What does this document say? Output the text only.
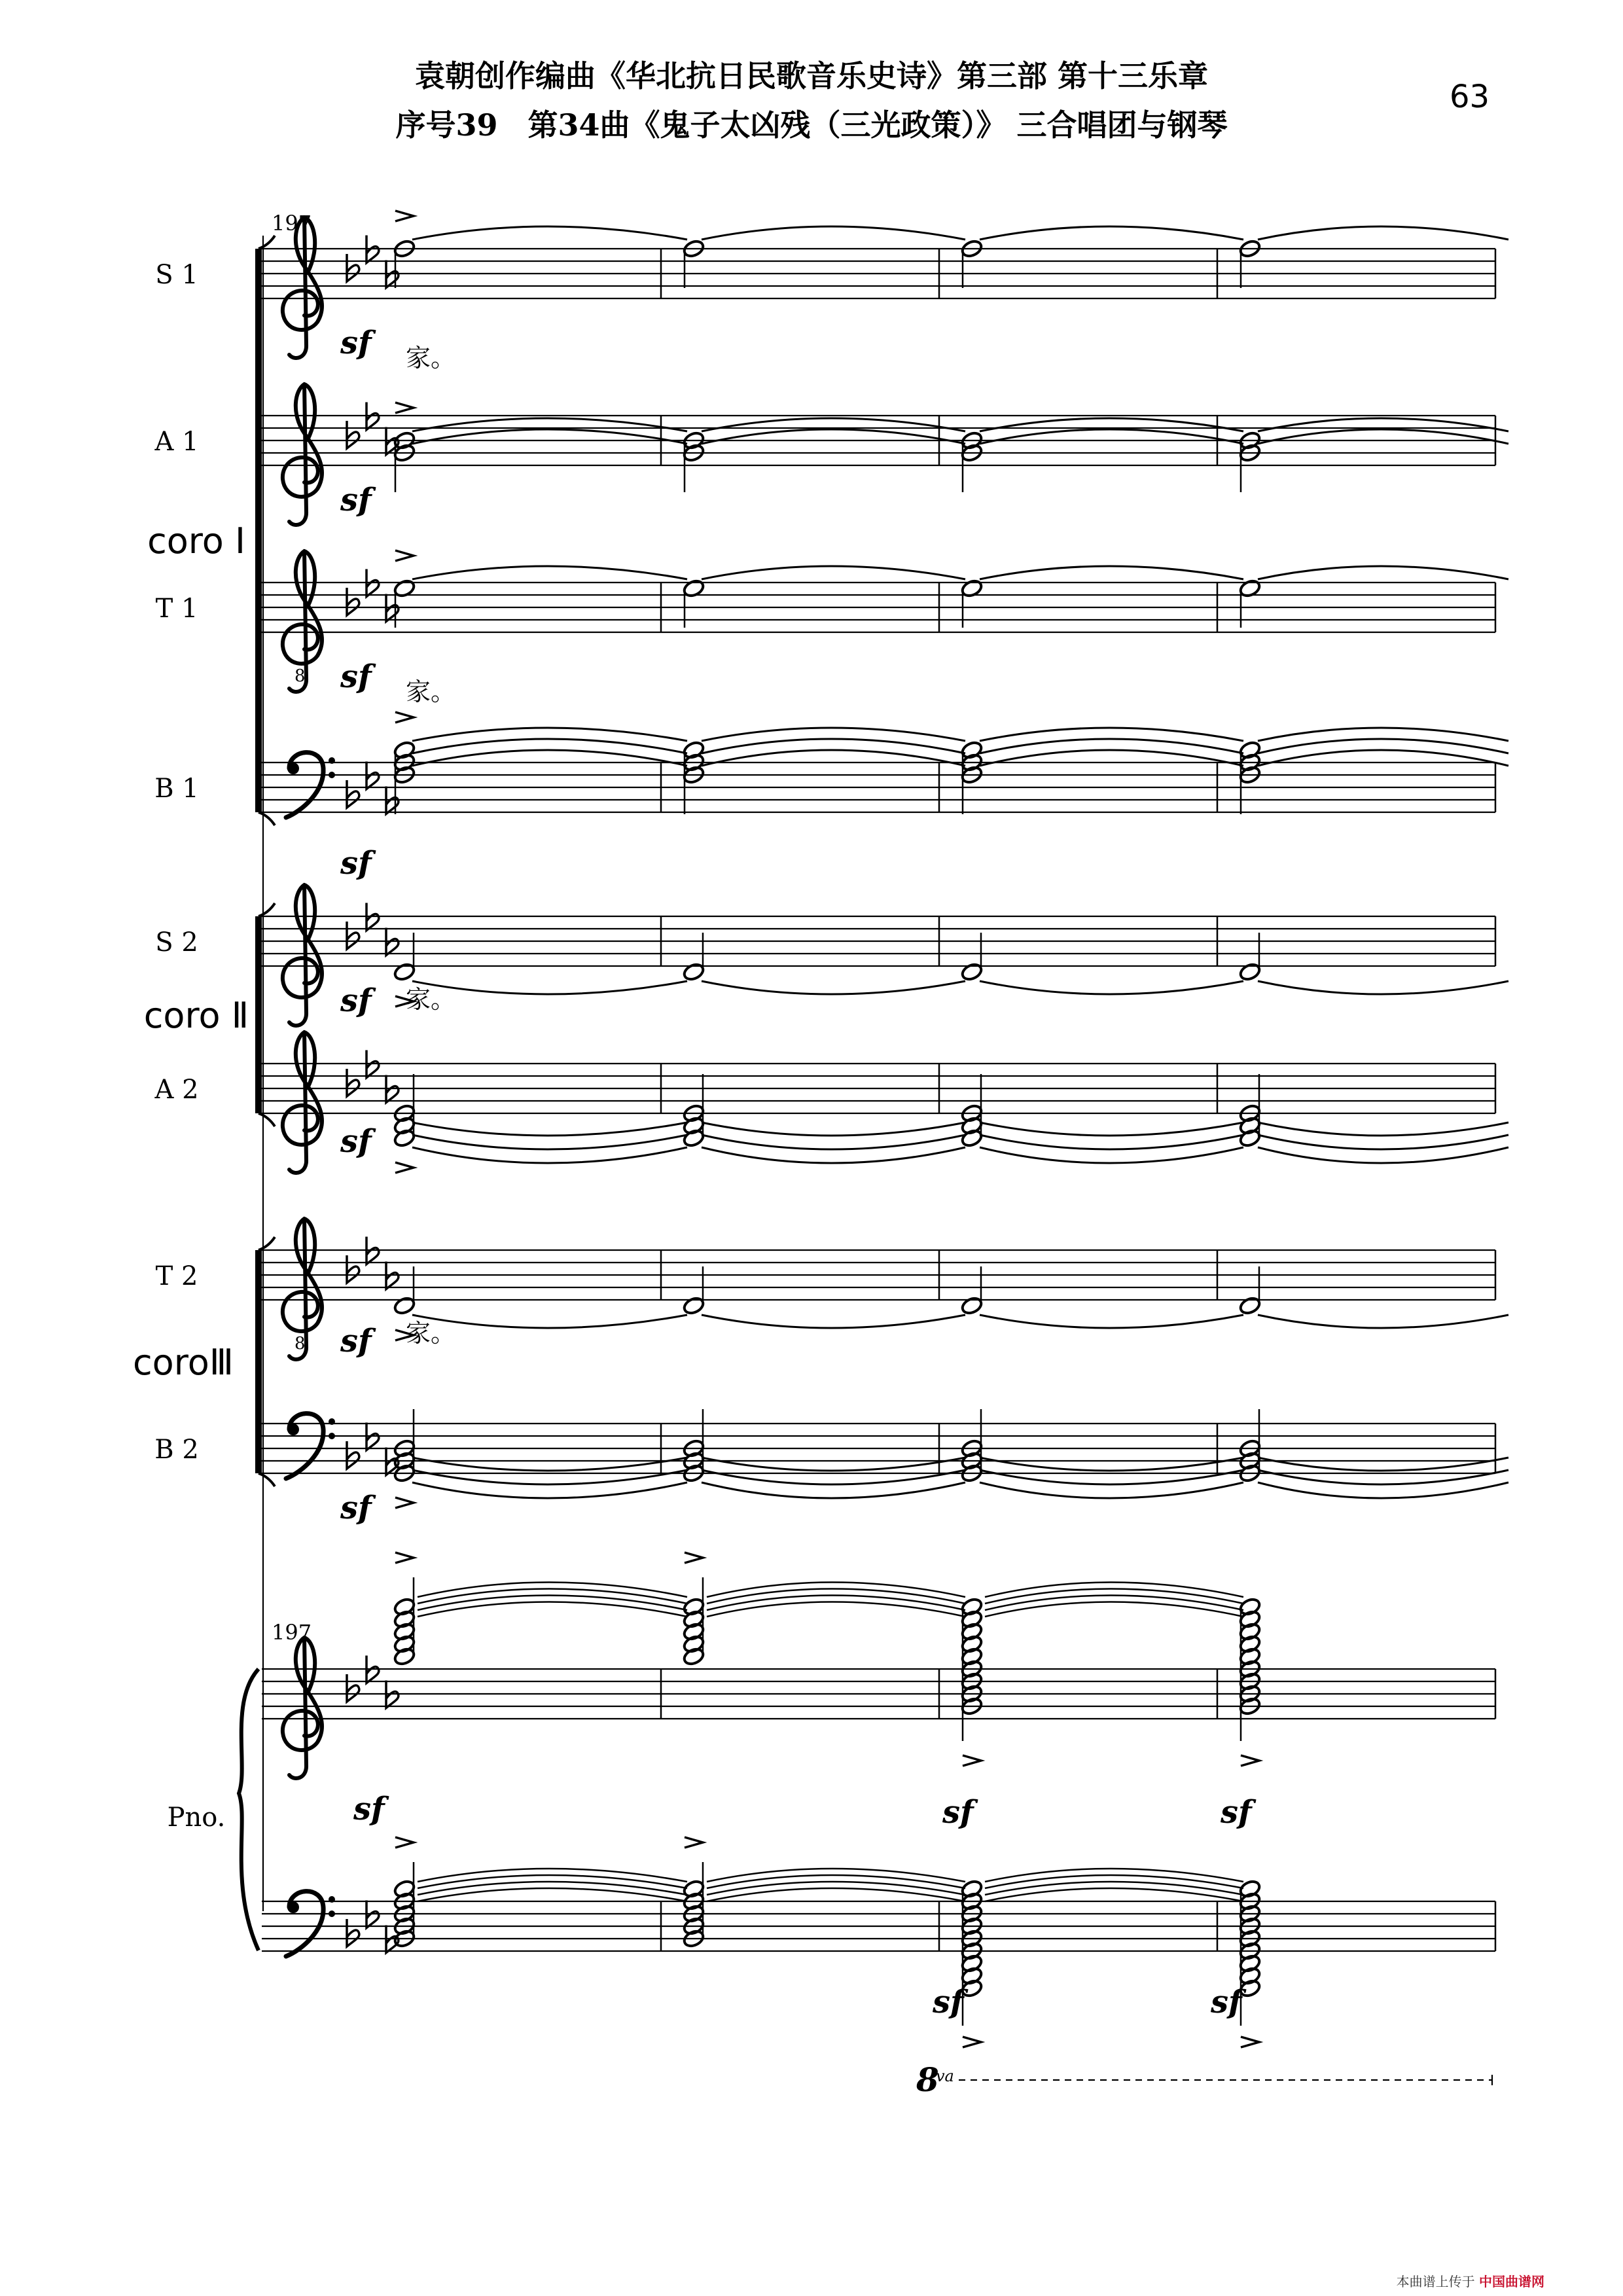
袁朝创作编曲《华北抗日民歌音乐史诗》第三部 第十三乐章
序号39　第34曲《鬼子太凶残（三光政策）》 三合唱团与钢琴
63
sf
sf
8 sf
sf
sf
sf
8 sf
sf
sf	sf
sf
sf	sf
S 1
家。
A 1
T 1
家。
B 1
S 2
家。
A 2
T 2
家。
B 2
197
197
coro Ⅰ
coro Ⅱ
coroⅢ
Pno.
8
va
本曲谱上传于 中国曲谱网
